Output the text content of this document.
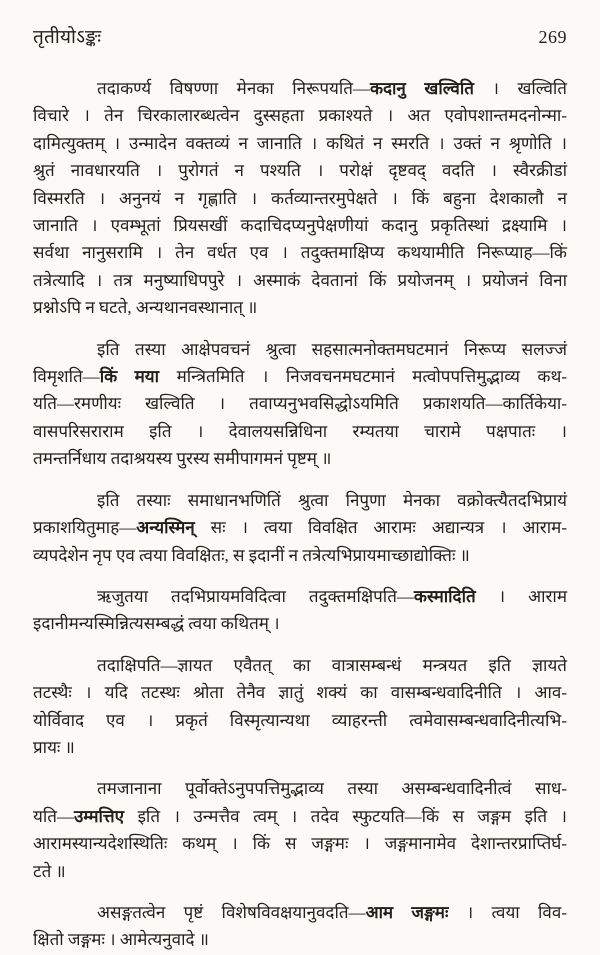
तृतीयोऽङ्कः	269
तदाकर्ण्य विषण्णा मेनका निरूपयति—कदानु खल्विति । खल्विति
विचारे । तेन चिरकालारब्धत्वेन दुस्सहता प्रकाश्यते । अत एवोपशान्तमदनोन्मा-
दामित्युक्तम् । उन्मादेन वक्तव्यं न जानाति । कथितं न स्मरति । उक्तं न श्रृणोति ।
श्रुतं नावधारयति । पुरोगतं न पश्यति । परोक्षं दृष्टवद् वदति । स्वैरक्रीडां
विस्मरति । अनुनयं न गृह्णाति । कर्तव्यान्तरमुपेक्षते । किं बहुना देशकालौ न
जानाति । एवम्भूतां प्रियसखीं कदाचिदप्यनुपेक्षणीयां कदानु प्रकृतिस्थां द्रक्ष्यामि ।
सर्वथा नानुसरामि । तेन वर्धत एव । तदुक्तमाक्षिप्य कथयामीति निरूप्याह—किं
तत्रेत्यादि । तत्र मनुष्याधिपपुरे । अस्माकं देवतानां किं प्रयोजनम् । प्रयोजनं विना
प्रश्नोऽपि न घटते, अन्यथानवस्थानात् ॥
इति तस्या आक्षेपवचनं श्रुत्वा सहसात्मनोक्तमघटमानं निरूप्य सलज्जं
विमृशति—किं मया मन्त्रितमिति । निजवचनमघटमानं मत्वोपपत्तिमुद्भाव्य कथ-
यति—रमणीयः खल्विति । तवाप्यनुभवसिद्धोऽयमिति प्रकाशयति—कार्तिकेया-
वासपरिसराराम इति । देवालयसन्निधिना रम्यतया चारामे पक्षपातः ।
तमन्तर्निधाय तदाश्रयस्य पुरस्य समीपागमनं पृष्टम् ॥
इति तस्याः समाधानभणितिं श्रुत्वा निपुणा मेनका वक्रोक्त्यैतदभिप्रायं
प्रकाशयितुमाह—अन्यस्मिन् सः । त्वया विवक्षित आरामः अद्यान्यत्र । आराम-
व्यपदेशेन नृप एव त्वया विवक्षितः, स इदानीं न तत्रेत्यभिप्रायमाच्छाद्योक्तिः ॥
ऋजुतया तदभिप्रायमविदित्वा तदुक्तमक्षिपति—कस्मादिति । आराम
इदानीमन्यस्मिन्नित्यसम्बद्धं त्वया कथितम् ।
तदाक्षिपति—ज्ञायत एवैतत् का वात्रासम्बन्धं मन्त्रयत इति ज्ञायते
तटस्थैः । यदि तटस्थः श्रोता तेनैव ज्ञातुं शक्यं का वासम्बन्धवादिनीति । आव-
योर्विवाद एव । प्रकृतं विस्मृत्यान्यथा व्याहरन्ती त्वमेवासम्बन्धवादिनीत्यभि-
प्रायः ॥
तमजानाना पूर्वोक्तेऽनुपपत्तिमुद्भाव्य तस्या असम्बन्धवादिनीत्वं साध-
यति—उम्मत्तिए इति । उन्मत्तैव त्वम् । तदेव स्फुटयति—किं स जङ्गम इति ।
आरामस्यान्यदेशस्थितिः कथम् । किं स जङ्गमः । जङ्गमानामेव देशान्तरप्राप्तिर्घ-
टते ॥
असङ्गतत्वेन पृष्टं विशेषविवक्षयानुवदति—आम जङ्गमः । त्वया विव-
क्षितो जङ्गमः । आमेत्यनुवादे ॥
